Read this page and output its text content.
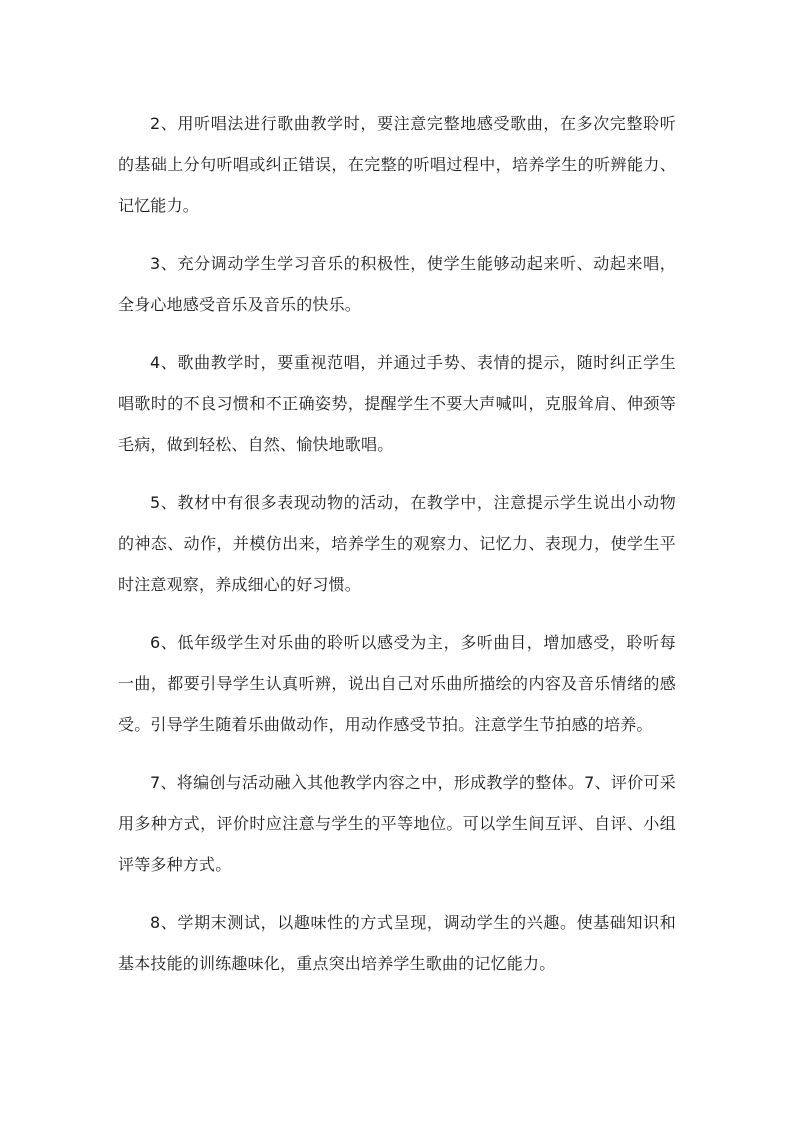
2、用听唱法进行歌曲教学时，要注意完整地感受歌曲，在多次完整聆听的基础上分句听唱或纠正错误，在完整的听唱过程中，培养学生的听辨能力、记忆能力。

3、充分调动学生学习音乐的积极性，使学生能够动起来听、动起来唱，全身心地感受音乐及音乐的快乐。

4、歌曲教学时，要重视范唱，并通过手势、表情的提示，随时纠正学生唱歌时的不良习惯和不正确姿势，提醒学生不要大声喊叫，克服耸肩、伸颈等毛病，做到轻松、自然、愉快地歌唱。

5、教材中有很多表现动物的活动，在教学中，注意提示学生说出小动物的神态、动作，并模仿出来，培养学生的观察力、记忆力、表现力，使学生平时注意观察，养成细心的好习惯。

6、低年级学生对乐曲的聆听以感受为主，多听曲目，增加感受，聆听每一曲，都要引导学生认真听辨，说出自己对乐曲所描绘的内容及音乐情绪的感受。引导学生随着乐曲做动作，用动作感受节拍。注意学生节拍感的培养。

7、将编创与活动融入其他教学内容之中，形成教学的整体。7、评价可采用多种方式，评价时应注意与学生的平等地位。可以学生间互评、自评、小组评等多种方式。

8、学期末测试，以趣味性的方式呈现，调动学生的兴趣。使基础知识和基本技能的训练趣味化，重点突出培养学生歌曲的记忆能力。
